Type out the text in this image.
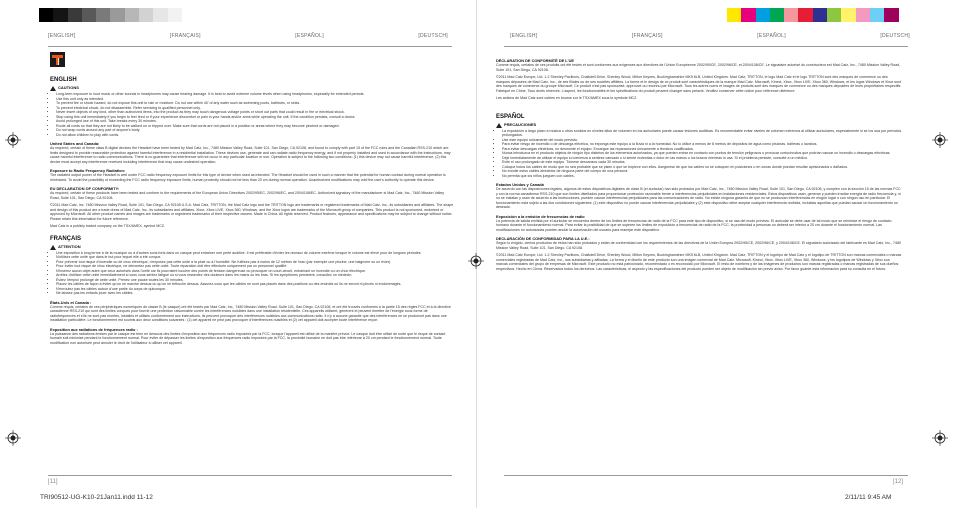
[ENGLISH]	[FRANÇAIS]	[ESPAÑOL]	[DEUTSCH]	[ENGLISH]	[FRANÇAIS]	[ESPAÑOL]	[DEUTSCH]
ENGLISH
CAUTIONS
• Long-term exposure to loud music or other sounds in headphones may cause hearing damage. It is best to avoid extreme volume levels when using headphones, especially for extended periods.
• Use this unit only as intended.
• To prevent fire or shock hazard, do not expose this unit to rain or moisture. Do not use within 40' of any water such as swimming pools, bathtubs, or sinks.
• To prevent electrical shock, do not disassemble. Refer servicing to qualified personnel only.
• Never insert objects of any kind, other than authorized items, into the product as they may touch dangerous voltage points or short out parts that could result in fire or electrical shock.
• Stop using this unit immediately if you begin to feel tired or if your experience discomfort or pain in your hands and/or arms while operating the unit. If the condition persists, consult a doctor.
• Avoid prolonged use of this unit. Take breaks every 30 minutes.
• Route all cords so that they are not likely to be walked on or tripped over. Make sure that cords are not placed in a position or areas where they may become pinched or damaged.
• Do not wrap cords around any part of anyone's body.
• Do not allow children to play with cords.
United States and Canada:

As required, certain of these class B digital devices the Headset have been tested by Mad Catz, Inc., 7480 Mission Valley Road, Suite 101, San Diego, CA 92108, and found to comply with part 15 of the FCC rules and the Canadian RSS-210 which are limits designed to provide reasonable protection against harmful interference in a residential installation. These devices use, generate and can radiate radio frequency energy, and if not properly installed and used in accordance with the instructions, may cause harmful interference to radio communications. There is no guarantee that interference will not occur in any particular location or use. Operation is subject to the following two conditions: (1) this device may not cause harmful interference, (2) this device must accept any interference received including interference that may cause undesired operation.

Exposure to Radio Frequency Radiation:

The radiated output power of the Headset is well under FCC radio frequency exposure limits for this type of device when used as intended. The Headset should be used in such a manner that the potential for human contact during normal operation is minimized. To avoid the possibility of exceeding the FCC radio frequency exposure limits, human proximity should not be less than 20 cm during normal operation. Unauthorized modifications may void the user's authority to operate this device.

EU DECLARATION OF CONFORMITY:

As required, certain of these products have been tested and conform to the requirements of the European Union Directives 2002/95/EC, 2002/96/EC, and 2004/108/EC. Authorized signatory of the manufacturer is Mad Catz, Inc., 7480 Mission Valley Road, Suite 101, San Diego, CA 92108.

©2011 Mad Catz, Inc. 7480 Mission Valley Road, Suite 101, San Diego, CA 92108 U.S.A. Mad Catz, TRITTON, the Mad Catz logo and the TRITTON logo are trademarks or registered trademarks of Mad Catz, Inc., its subsidiaries and affiliates. The shape and design of this product are a trade dress of Mad Catz, Inc., its subsidiaries and affiliates. Xbox, Xbox LIVE, Xbox 360, Windows, and the Xbox logos are trademarks of the Microsoft group of companies. This product is not sponsored, endorsed or approved by Microsoft. All other product names and images are trademarks or registered trademarks of their respective owners. Made in China. All rights reserved. Product features, appearance and specifications may be subject to change without notice. Please retain this information for future reference.

Mad Catz is a publicly traded company on the TSX/AMEX, symbol MCZ.

FRANÇAIS
ATTENTION
• Une exposition à long terme à de la musique ou à d'autres sons forts dans un casque peut entraîner une perte auditive. Il est préférable d'éviter les niveaux de volume extrême lorsque le volume est élevé pour de longues périodes.
• N'utilisez cette unité que dans le but pour lequel elle a été conçue.
• Pour prévenir tout risque d'incendie ou de choc électrique, n'exposez pas cette unité à la pluie ou à l'humidité. Ne l'utilisez pas à moins de 12 mètres de l'eau (par exemple une piscine, une baignoire ou un évier).
• Pour éviter tout risque de choc électrique, ne démontez pas cette unité. Toute réparation doit être effectuée uniquement par un personnel qualifié.
• N'insérez aucun objet autre que ceux autorisés dans l'unité car ils pourraient toucher des points de tension dangereuse ou provoquer un court-circuit, entraînant un incendie ou un choc électrique.
• Arrêtez d'utiliser cette unité immédiatement si vous vous sentez fatigué ou si vous ressentez des douleurs dans les mains ou les bras. Si les symptômes persistent, consultez un médecin.
• Évitez l'emploi prolongé de cette unité. Prenez une pause toutes les 30 minutes.
• Placez les câbles de façon à éviter qu'on ne marche dessus ou qu'on ne trébuche dessus. Assurez-vous que les câbles ne sont pas placés dans des positions ou des endroits où ils ne seront ni pincés ni endommagés.
• N'enroulez pas les câbles autour d'une partie du corps de quiconque.
• Ne laissez pas les enfants jouer avec les câbles.
États-Unis et Canada :

Comme requis, certains de ces périphériques numériques de classe B (le casque) ont été testés par Mad Catz, Inc., 7480 Mission Valley Road, Suite 101, San Diego, CA 92108, et ont été trouvés conformes à la partie 15 des règles FCC et à la directive canadienne RSS-210 qui sont des limites conçues pour fournir une protection raisonnable contre les interférences nuisibles dans une installation résidentielle. Ces appareils utilisent, génèrent et peuvent émettre de l'énergie sous forme de radiofréquences et s'ils ne sont pas montés, installés et utilisés conformément aux instructions, ils peuvent provoquer des interférences nuisibles aux communications radio. Il n'y a aucune garantie que des interférences ne se produiront pas dans une installation particulière. Le fonctionnement est soumis aux deux conditions suivantes : (1) cet appareil ne peut pas provoquer d'interférences nuisibles et (2) cet appareil doit accepter toute interférence reçue.

Exposition aux radiations de fréquences radio :

La puissance des radiations émises par le casque est bien en dessous des limites d'exposition aux fréquences radio imposées par la FCC, lorsque l'appareil est utilisé de la manière prévue. Le casque doit être utilisé de sorte que le risque de contact humain soit minimisé pendant le fonctionnement normal. Pour éviter de dépasser les limites d'exposition aux fréquences radio imposées par la FCC, la proximité humaine ne doit pas être inférieure à 20 cm pendant le fonctionnement normal. Toute modification non autorisée peut annuler le droit de l'utilisateur à utiliser cet appareil.

DÉCLARATION DE CONFORMITÉ DE L'UE

Comme requis, certains de ces produits ont été testés et sont conformes aux exigences aux directives de l'Union Européenne 2002/95/CE, 2002/96/CE, et 2004/108/CE. Le signataire autorisé du constructeur est Mad Catz, Inc., 7480 Mission Valley Road, Suite 101, San Diego, CA 92108.

©2011 Mad Catz Europe, Ltd. 1-2 Shenley Pavilions, Chalkdell Drive, Shenley Wood, Milton Keynes, Buckinghamshire MK5 6LB, United Kingdom. Mad Catz, TRITTON, le logo Mad Catz et le logo TRITTON sont des marques de commerce ou des marques déposées de Mad Catz, Inc., de ses filiales ou de ses sociétés affiliées. La forme et le design de ce produit sont caractéristiques de la marque Mad Catz. Microsoft, Kinect, Xbox, Xbox LIVE, Xbox 360, Windows, et les logos Windows et Xbox sont des marques de commerce du groupe Microsoft. Ce produit n'est pas sponsorisé, approuvé ou reconnu par Microsoft. Tous les autres noms et images de produits sont des marques de commerce ou des marques déposées de leurs propriétaires respectifs. Fabriqué en Chine. Tous droits réservés. L'aspect, les fonctionnalités et les spécifications du produit peuvent changer sans préavis. Veuillez conserver cette notice pour référence ultérieure.

Les actions de Mad Catz sont cotées en bourse sur le TSX/AMEX sous le symbole MCZ.

ESPAÑOL
PRECAUCIONES
• La exposición a largo plazo a música u otros sonidos en niveles altos de volumen en los auriculares puede causar lesiones auditivas. Es recomendable evitar niveles de volumen extremos al utilizar auriculares, especialmente si se los usa por períodos prolongados.
• Use este equipo únicamente del modo previsto.
• Para evitar riesgo de incendio o de descarga eléctrica, no exponga este equipo a la lluvia ni a la humedad. No lo utilice a menos de 8 metros de depósitos de agua como piscinas, bañeras o lavabos.
• Para evitar descargas eléctricas, no desmonte el equipo. Encargue las reparaciones únicamente a técnicos cualificados.
• Nunca introduzca en el producto objetos de ningún tipo distintos de los elementos autorizados, ya que pueden entrar en contacto con puntos de tensión peligrosos o provocar cortocircuitos que podrían causar un incendio o descargas eléctricas.
• Deje inmediatamente de utilizar el equipo si comienza a sentirse cansado o si siente molestias o dolor en las manos o los brazos mientras lo usa. Si el problema persiste, consulte a un médico.
• Evite el uso prolongado de este equipo. Tómese descansos cada 30 minutos.
• Coloque todos los cables de modo que no sea probable que se pisen o que se tropiece con ellos. Asegúrese de que los cables no se coloquen en posiciones o en zonas donde puedan resultar aprisionados o dañados.
• No enrolle estos cables alrededor de ninguna parte del cuerpo de una persona.
• No permita que los niños jueguen con cables.
Estados Unidos y Canadá

De acuerdo con las disposiciones legales, algunos de estos dispositivos digitales de clase B (el auricular) han sido probados por Mad Catz, Inc., 7480 Mission Valley Road, Suite 101, San Diego, CA 92108, y cumplen con la sección 15 de las normas FCC y con la norma canadiense RSS-210 que son límites diseñados para proporcionar protección razonable frente a interferencias perjudiciales en instalaciones residenciales. Estos dispositivos usan, generan y pueden irradiar energía de radio frecuencia y, si no se instalan y usan de acuerdo a las instrucciones, pueden causar interferencias perjudiciales para las comunicaciones de radio. No existe ninguna garantía de que no se produzcan interferencias en ningún lugar o con ningún uso en particular. El funcionamiento está sujeto a las dos condiciones siguientes: (1) este dispositivo no puede causar interferencias perjudiciales y (2) este dispositivo debe aceptar cualquier interferencia recibida, incluidas aquellas que puedan causar un funcionamiento no deseado.

Exposición a la emisión de frecuencias de radio

La potencia de salida emitida por el auricular se encuentra dentro de los límites de frecuencias de radio de la FCC para este tipo de dispositivo, si se usa del modo previsto. El auricular se debe usar de tal modo que se minimice el riesgo de contacto humano durante el funcionamiento normal. Para evitar la posibilidad de que se superen los límites de exposición a frecuencias de radio de la FCC, la proximidad a personas no deberá ser inferior a 20 cm durante el funcionamiento normal. Las modificaciones no autorizadas pueden anular la autorización del usuario para manejar este dispositivo.

DECLARACIÓN DE CONFORMIDAD PARA LA U.E.:

Según lo exigido, ciertos productos de éstos han sido probados y están de conformidad con los requerimientos de las directivas de la Unión Europea 2002/95/CE, 2002/96/CE, y 2004/108/CE. El signatario autorizado del fabricante es Mad Catz, Inc., 7480 Mission Valley Road, Suite 101, San Diego, CA 92108.

©2011 Mad Catz Europe, Ltd. 1-2 Shenley Pavilions, Chalkdell Drive, Shenley Wood, Milton Keynes, Buckinghamshire MK5 6LB, United Kingdom. Mad Catz, TRITTON y el logotipo de Mad Catz y el logotipo de TRITTON son marcas comerciales o marcas comerciales registradas de Mad Catz, Inc., sus subsidiarias y afiliadas. La forma y el diseño de este producto son una imagen comercial de Mad Catz. Microsoft, Kinect, Xbox, Xbox LIVE, Xbox 360, Windows, y los logotipos de Windows y Xbox son marcas comerciales del grupo de empresas de Microsoft. Este producto no está patrocinado, recomendado o es reconocido por Microsoft. El resto de nombres y de las imágenes de productos son marcas registradas o marcas registradas de sus dueños respectivos. Hecho en China. Reservados todos los derechos. Las características, el aspecto y las especificaciones del producto pueden ser objeto de modificación sin previo aviso. Por favor guarde esta información para su consulta en el futuro.

[11]	[12]
TRI90512-UG-K10-21Jan11.indd 11-12	2/11/11 9:45 AM
